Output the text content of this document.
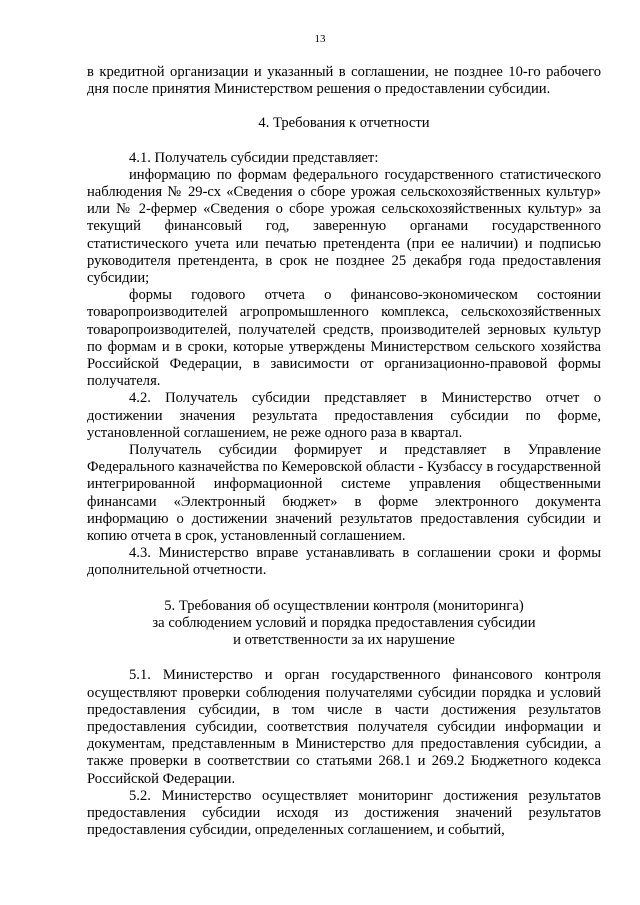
13

в кредитной организации и указанный в соглашении, не позднее 10-го рабочего дня после принятия Министерством решения о предоставлении субсидии.

4. Требования к отчетности

4.1. Получатель субсидии представляет:

информацию по формам федерального государственного статистического наблюдения № 29-сх «Сведения о сборе урожая сельскохозяйственных культур» или № 2-фермер «Сведения о сборе урожая сельскохозяйственных культур» за текущий финансовый год, заверенную органами государственного статистического учета или печатью претендента (при ее наличии) и подписью руководителя претендента, в срок не позднее 25 декабря года предоставления субсидии;

формы годового отчета о финансово-экономическом состоянии товаропроизводителей агропромышленного комплекса, сельскохозяйственных товаропроизводителей, получателей средств, производителей зерновых культур по формам и в сроки, которые утверждены Министерством сельского хозяйства Российской Федерации, в зависимости от организационно-правовой формы получателя.

4.2. Получатель субсидии представляет в Министерство отчет о достижении значения результата предоставления субсидии по форме, установленной соглашением, не реже одного раза в квартал.

Получатель субсидии формирует и представляет в Управление Федерального казначейства по Кемеровской области - Кузбассу в государственной интегрированной информационной системе управления общественными финансами «Электронный бюджет» в форме электронного документа информацию о достижении значений результатов предоставления субсидии и копию отчета в срок, установленный соглашением.

4.3. Министерство вправе устанавливать в соглашении сроки и формы дополнительной отчетности.

5. Требования об осуществлении контроля (мониторинга)
за соблюдением условий и порядка предоставления субсидии
и ответственности за их нарушение

5.1. Министерство и орган государственного финансового контроля осуществляют проверки соблюдения получателями субсидии порядка и условий предоставления субсидии, в том числе в части достижения результатов предоставления субсидии, соответствия получателя субсидии информации и документам, представленным в Министерство для предоставления субсидии, а также проверки в соответствии со статьями 268.1 и 269.2 Бюджетного кодекса Российской Федерации.

5.2. Министерство осуществляет мониторинг достижения результатов предоставления субсидии исходя из достижения значений результатов предоставления субсидии, определенных соглашением, и событий,
